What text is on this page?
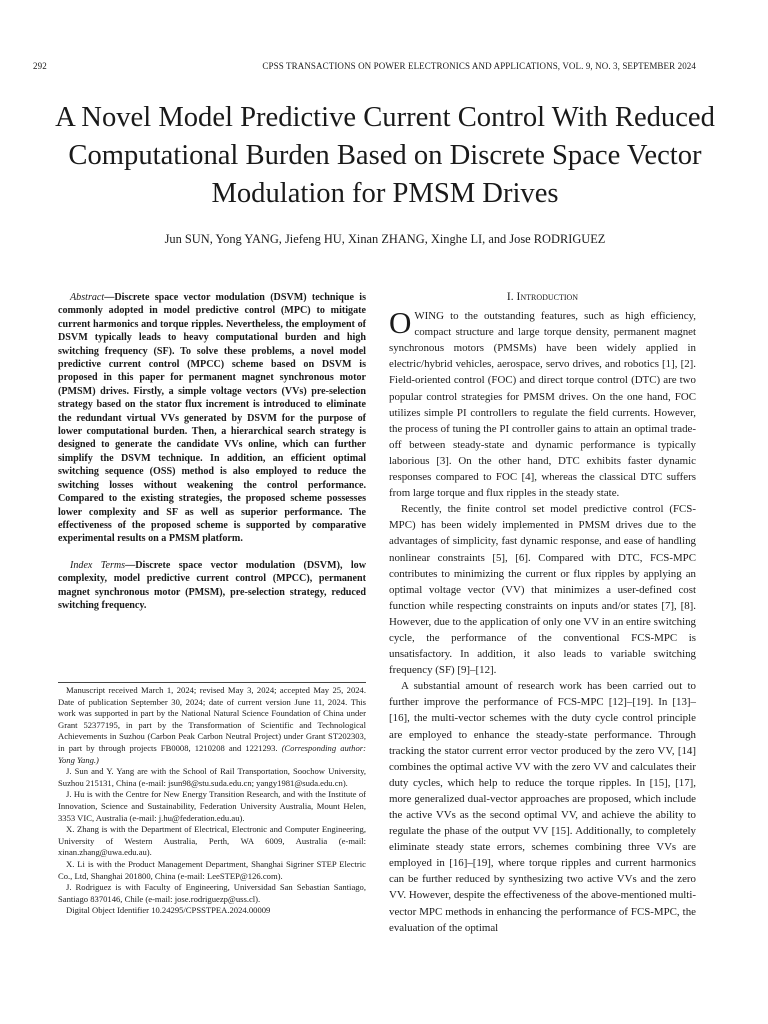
292	CPSS TRANSACTIONS ON POWER ELECTRONICS AND APPLICATIONS, VOL. 9, NO. 3, SEPTEMBER 2024
A Novel Model Predictive Current Control With Reduced Computational Burden Based on Discrete Space Vector Modulation for PMSM Drives
Jun SUN, Yong YANG, Jiefeng HU, Xinan ZHANG, Xinghe LI, and Jose RODRIGUEZ

Abstract—Discrete space vector modulation (DSVM) technique is commonly adopted in model predictive control (MPC) to mitigate current harmonics and torque ripples. Nevertheless, the employment of DSVM typically leads to heavy computational burden and high switching frequency (SF). To solve these problems, a novel model predictive current control (MPCC) scheme based on DSVM is proposed in this paper for permanent magnet synchronous motor (PMSM) drives. Firstly, a simple voltage vectors (VVs) pre-selection strategy based on the stator flux increment is introduced to eliminate the redundant virtual VVs generated by DSVM for the purpose of lower computational burden. Then, a hierarchical search strategy is designed to generate the candidate VVs online, which can further simplify the DSVM technique. In addition, an efficient optimal switching sequence (OSS) method is also employed to reduce the switching losses without weakening the control performance. Compared to the existing strategies, the proposed scheme possesses lower complexity and SF as well as superior performance. The effectiveness of the proposed scheme is supported by comparative experimental results on a PMSM platform.

Index Terms—Discrete space vector modulation (DSVM), low complexity, model predictive current control (MPCC), permanent magnet synchronous motor (PMSM), pre-selection strategy, reduced switching frequency.

Manuscript received March 1, 2024; revised May 3, 2024; accepted May 25, 2024. Date of publication September 30, 2024; date of current version June 11, 2024. This work was supported in part by the National Natural Science Foundation of China under Grant 52377195, in part by the Transformation of Scientific and Technological Achievements in Suzhou (Carbon Peak Carbon Neutral Project) under Grant ST202303, in part by through projects FB0008, 1210208 and 1221293. (Corresponding author: Yong Yang.)

J. Sun and Y. Yang are with the School of Rail Transportation, Soochow University, Suzhou 215131, China (e-mail: jsun98@stu.suda.edu.cn; yangy1981@suda.edu.cn).

J. Hu is with the Centre for New Energy Transition Research, and with the Institute of Innovation, Science and Sustainability, Federation University Australia, Mount Helen, 3353 VIC, Australia (e-mail: j.hu@federation.edu.au).

X. Zhang is with the Department of Electrical, Electronic and Computer Engineering, University of Western Australia, Perth, WA 6009, Australia (e-mail: xinan.zhang@uwa.edu.au).

X. Li is with the Product Management Department, Shanghai Sigriner STEP Electric Co., Ltd, Shanghai 201800, China (e-mail: LeeSTEP@126.com).

J. Rodriguez is with Faculty of Engineering, Universidad San Sebastian Santiago, Santiago 8370146, Chile (e-mail: jose.rodriguezp@uss.cl).

Digital Object Identifier 10.24295/CPSSTPEA.2024.00009

I. Introduction

OWING to the outstanding features, such as high efficiency, compact structure and large torque density, permanent magnet synchronous motors (PMSMs) have been widely applied in electric/hybrid vehicles, aerospace, servo drives, and robotics [1], [2]. Field-oriented control (FOC) and direct torque control (DTC) are two popular control strategies for PMSM drives. On the one hand, FOC utilizes simple PI controllers to regulate the field currents. However, the process of tuning the PI controller gains to attain an optimal trade-off between steady-state and dynamic performance is typically laborious [3]. On the other hand, DTC exhibits faster dynamic responses compared to FOC [4], whereas the classical DTC suffers from large torque and flux ripples in the steady state.

Recently, the finite control set model predictive control (FCS-MPC) has been widely implemented in PMSM drives due to the advantages of simplicity, fast dynamic response, and ease of handling nonlinear constraints [5], [6]. Compared with DTC, FCS-MPC contributes to minimizing the current or flux ripples by applying an optimal voltage vector (VV) that minimizes a user-defined cost function while respecting constraints on inputs and/or states [7], [8]. However, due to the application of only one VV in an entire switching cycle, the performance of the conventional FCS-MPC is unsatisfactory. In addition, it also leads to variable switching frequency (SF) [9]–[12].

A substantial amount of research work has been carried out to further improve the performance of FCS-MPC [12]–[19]. In [13]–[16], the multi-vector schemes with the duty cycle control principle are employed to enhance the steady-state performance. Through tracking the stator current error vector produced by the zero VV, [14] combines the optimal active VV with the zero VV and calculates their duty cycles, which help to reduce the torque ripples. In [15], [17], more generalized dual-vector approaches are proposed, which include the active VVs as the second optimal VV, and achieve the ability to regulate the phase of the output VV [15]. Additionally, to completely eliminate steady state errors, schemes combining three VVs are employed in [16]–[19], where torque ripples and current harmonics can be further reduced by synthesizing two active VVs and the zero VV. However, despite the effectiveness of the above-mentioned multi-vector MPC methods in enhancing the performance of FCS-MPC, the evaluation of the optimal
